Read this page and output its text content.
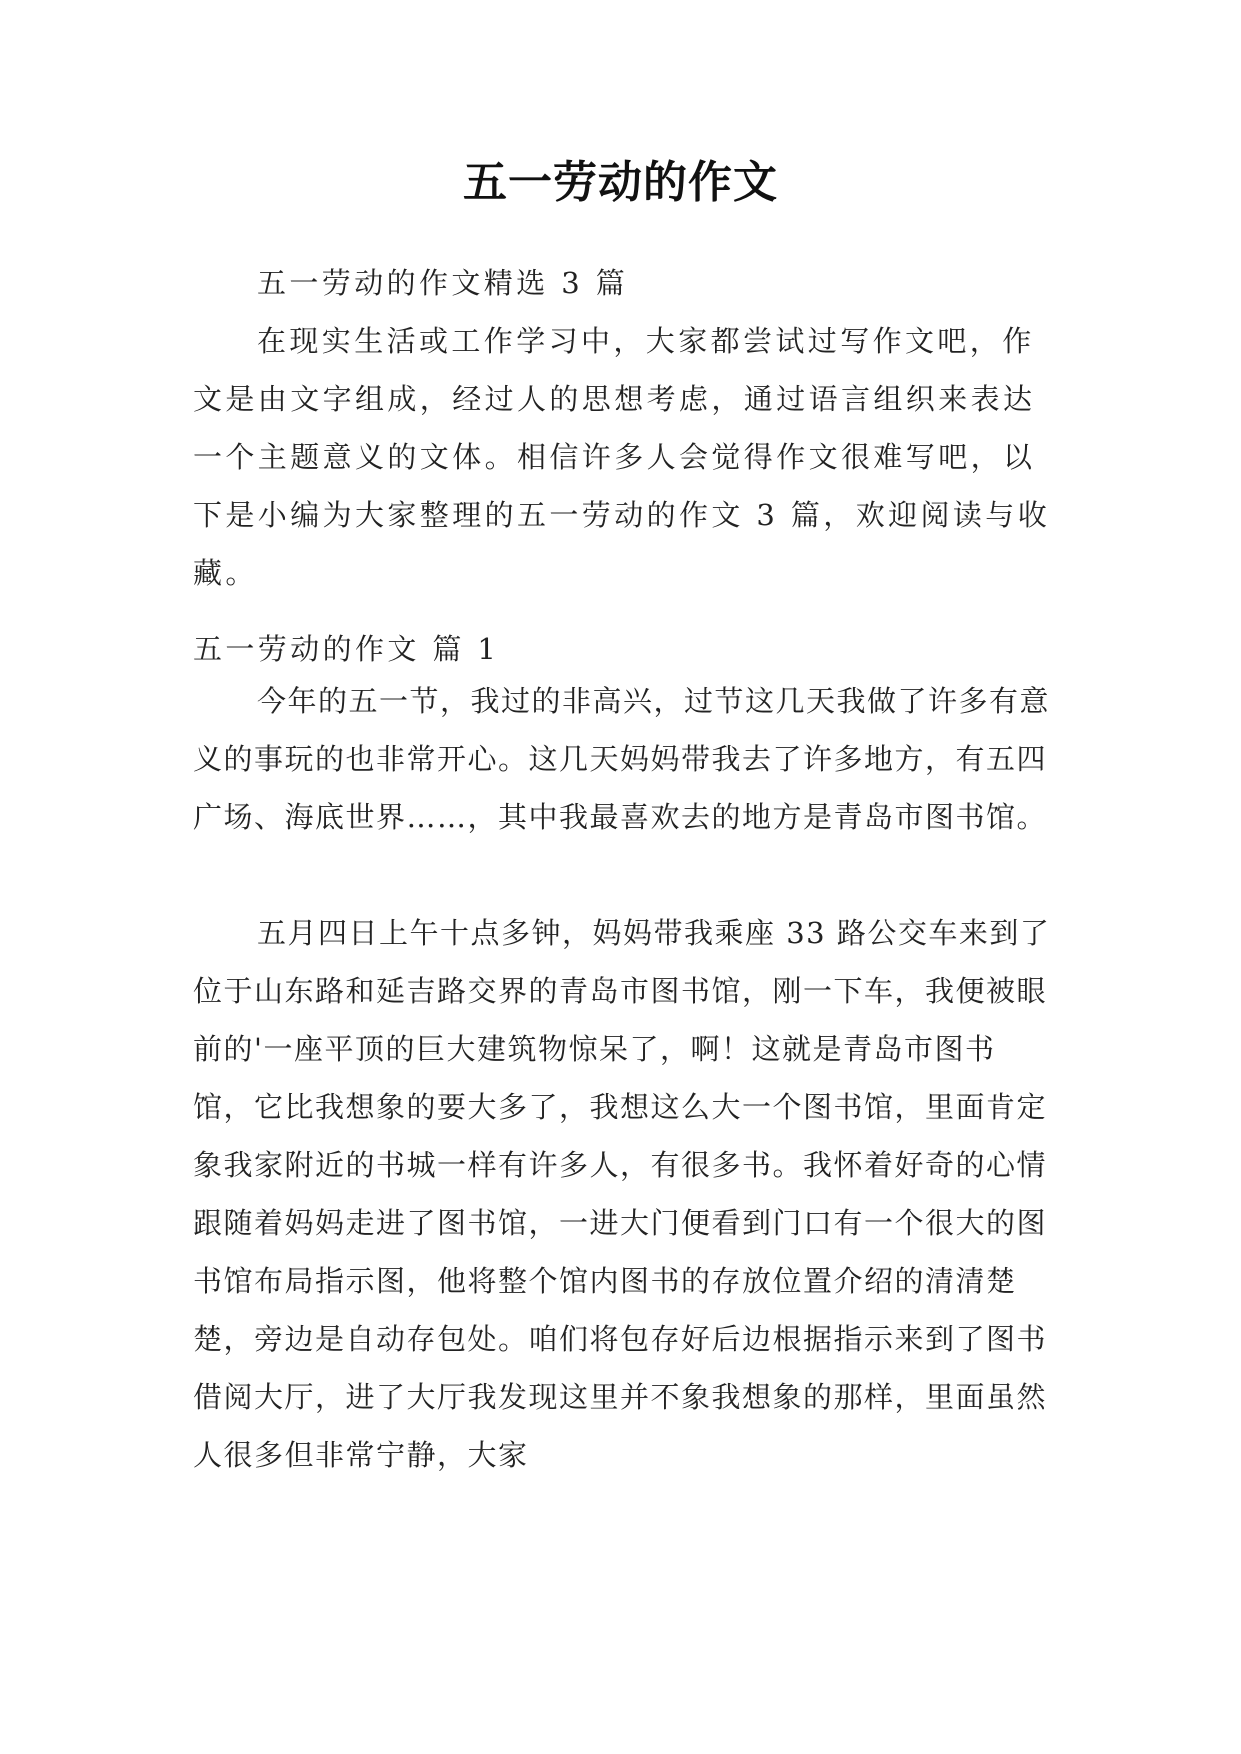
五一劳动的作文

五一劳动的作文精选 3 篇

在现实生活或工作学习中，大家都尝试过写作文吧，作文是由文字组成，经过人的思想考虑，通过语言组织来表达一个主题意义的文体。相信许多人会觉得作文很难写吧，以下是小编为大家整理的五一劳动的作文 3 篇，欢迎阅读与收藏。

五一劳动的作文 篇 1

今年的五一节，我过的非高兴，过节这几天我做了许多有意义的事玩的也非常开心。这几天妈妈带我去了许多地方，有五四广场、海底世界……，其中我最喜欢去的地方是青岛市图书馆。

五月四日上午十点多钟，妈妈带我乘座 33 路公交车来到了位于山东路和延吉路交界的青岛市图书馆，刚一下车，我便被眼前的'一座平顶的巨大建筑物惊呆了，啊！这就是青岛市图书馆，它比我想象的要大多了，我想这么大一个图书馆，里面肯定象我家附近的书城一样有许多人，有很多书。我怀着好奇的心情跟随着妈妈走进了图书馆，一进大门便看到门口有一个很大的图书馆布局指示图，他将整个馆内图书的存放位置介绍的清清楚楚，旁边是自动存包处。咱们将包存好后边根据指示来到了图书借阅大厅，进了大厅我发现这里并不象我想象的那样，里面虽然人很多但非常宁静，大家
